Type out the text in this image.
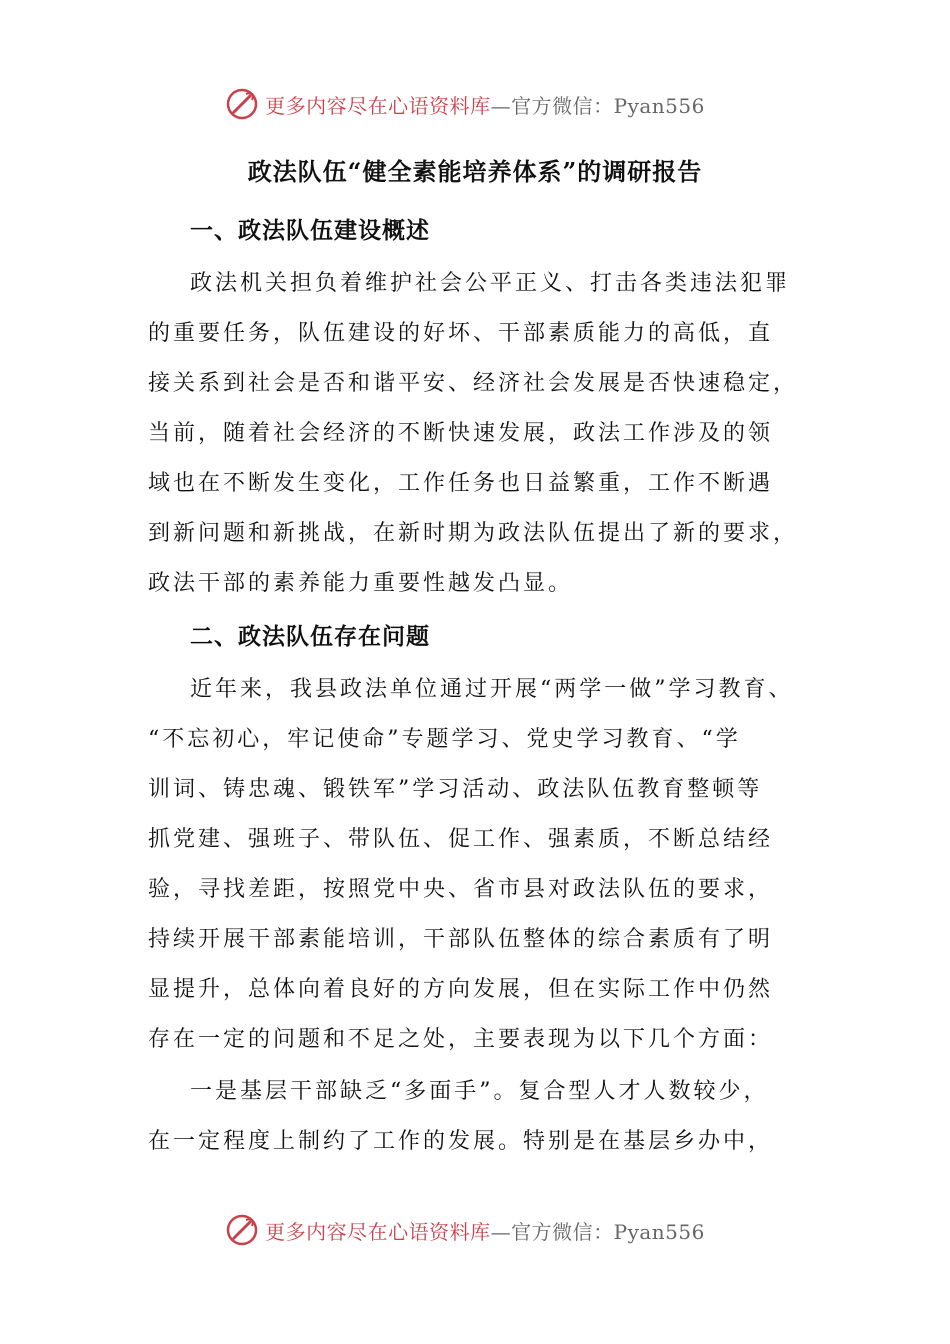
更多内容尽在心语资料库—官方微信：Pyan556
政法队伍“健全素能培养体系”的调研报告
一、政法队伍建设概述

政法机关担负着维护社会公平正义、打击各类违法犯罪

的重要任务，队伍建设的好坏、干部素质能力的高低，直

接关系到社会是否和谐平安、经济社会发展是否快速稳定，

当前，随着社会经济的不断快速发展，政法工作涉及的领

域也在不断发生变化，工作任务也日益繁重，工作不断遇

到新问题和新挑战，在新时期为政法队伍提出了新的要求，

政法干部的素养能力重要性越发凸显。

二、政法队伍存在问题

近年来，我县政法单位通过开展“两学一做”学习教育、

“不忘初心，牢记使命”专题学习、党史学习教育、“学

训词、铸忠魂、锻铁军”学习活动、政法队伍教育整顿等

抓党建、强班子、带队伍、促工作、强素质，不断总结经

验，寻找差距，按照党中央、省市县对政法队伍的要求，

持续开展干部素能培训，干部队伍整体的综合素质有了明

显提升，总体向着良好的方向发展，但在实际工作中仍然

存在一定的问题和不足之处，主要表现为以下几个方面：

一是基层干部缺乏“多面手”。复合型人才人数较少，

在一定程度上制约了工作的发展。特别是在基层乡办中，

更多内容尽在心语资料库—官方微信：Pyan556
